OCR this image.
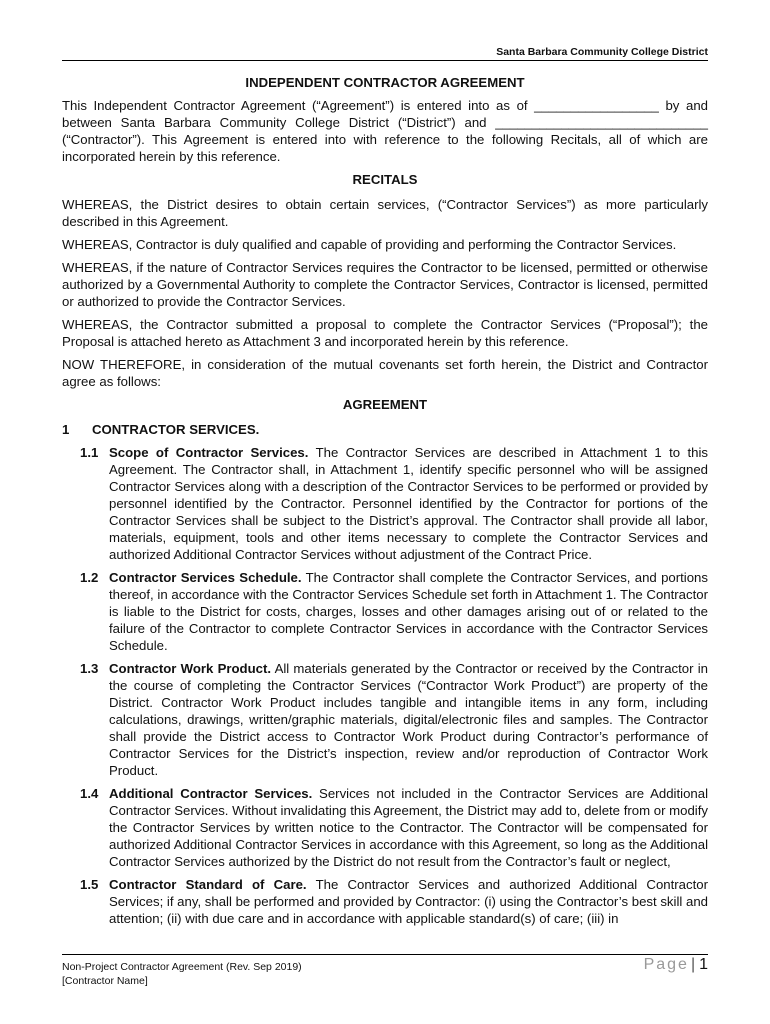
Santa Barbara Community College District
INDEPENDENT CONTRACTOR AGREEMENT

This Independent Contractor Agreement (“Agreement”) is entered into as of _________________ by and between Santa Barbara Community College District (“District”) and _____________________________ (“Contractor”). This Agreement is entered into with reference to the following Recitals, all of which are incorporated herein by this reference.

RECITALS

WHEREAS, the District desires to obtain certain services, (“Contractor Services”) as more particularly described in this Agreement.

WHEREAS, Contractor is duly qualified and capable of providing and performing the Contractor Services.

WHEREAS, if the nature of Contractor Services requires the Contractor to be licensed, permitted or otherwise authorized by a Governmental Authority to complete the Contractor Services, Contractor is licensed, permitted or authorized to provide the Contractor Services.

WHEREAS, the Contractor submitted a proposal to complete the Contractor Services (“Proposal”); the Proposal is attached hereto as Attachment 3 and incorporated herein by this reference.

NOW THEREFORE, in consideration of the mutual covenants set forth herein, the District and Contractor agree as follows:

AGREEMENT
1	CONTRACTOR SERVICES.
1.1 Scope of Contractor Services. The Contractor Services are described in Attachment 1 to this Agreement. The Contractor shall, in Attachment 1, identify specific personnel who will be assigned Contractor Services along with a description of the Contractor Services to be performed or provided by personnel identified by the Contractor. Personnel identified by the Contractor for portions of the Contractor Services shall be subject to the District’s approval. The Contractor shall provide all labor, materials, equipment, tools and other items necessary to complete the Contractor Services and authorized Additional Contractor Services without adjustment of the Contract Price.
1.2 Contractor Services Schedule. The Contractor shall complete the Contractor Services, and portions thereof, in accordance with the Contractor Services Schedule set forth in Attachment 1. The Contractor is liable to the District for costs, charges, losses and other damages arising out of or related to the failure of the Contractor to complete Contractor Services in accordance with the Contractor Services Schedule.
1.3 Contractor Work Product. All materials generated by the Contractor or received by the Contractor in the course of completing the Contractor Services (“Contractor Work Product”) are property of the District. Contractor Work Product includes tangible and intangible items in any form, including calculations, drawings, written/graphic materials, digital/electronic files and samples. The Contractor shall provide the District access to Contractor Work Product during Contractor’s performance of Contractor Services for the District’s inspection, review and/or reproduction of Contractor Work Product.
1.4 Additional Contractor Services. Services not included in the Contractor Services are Additional Contractor Services. Without invalidating this Agreement, the District may add to, delete from or modify the Contractor Services by written notice to the Contractor. The Contractor will be compensated for authorized Additional Contractor Services in accordance with this Agreement, so long as the Additional Contractor Services authorized by the District do not result from the Contractor’s fault or neglect,
1.5 Contractor Standard of Care. The Contractor Services and authorized Additional Contractor Services; if any, shall be performed and provided by Contractor: (i) using the Contractor’s best skill and attention; (ii) with due care and in accordance with applicable standard(s) of care; (iii) in
Non-Project Contractor Agreement (Rev. Sep 2019)
[Contractor Name]
Page | 1
